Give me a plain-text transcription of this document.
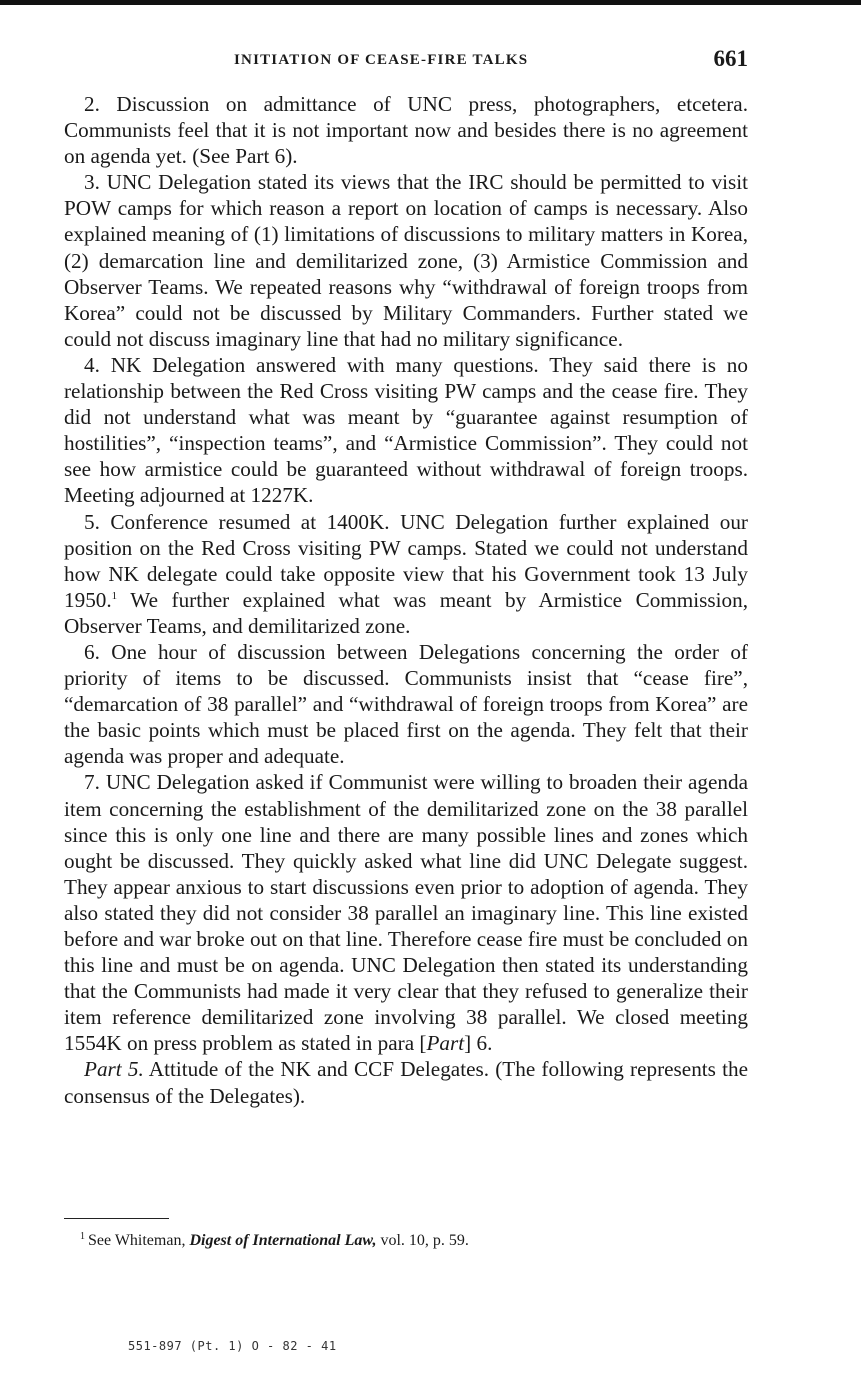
INITIATION OF CEASE-FIRE TALKS	661

2. Discussion on admittance of UNC press, photographers, etcetera. Communists feel that it is not important now and besides there is no agreement on agenda yet. (See Part 6).

3. UNC Delegation stated its views that the IRC should be permitted to visit POW camps for which reason a report on location of camps is necessary. Also explained meaning of (1) limitations of discussions to military matters in Korea, (2) demarcation line and demilitarized zone, (3) Armistice Commission and Observer Teams. We repeated reasons why “withdrawal of foreign troops from Korea” could not be discussed by Military Commanders. Further stated we could not discuss imaginary line that had no military significance.

4. NK Delegation answered with many questions. They said there is no relationship between the Red Cross visiting PW camps and the cease fire. They did not understand what was meant by “guarantee against resumption of hostilities”, “inspection teams”, and “Armistice Commission”. They could not see how armistice could be guaranteed without withdrawal of foreign troops. Meeting adjourned at 1227K.

5. Conference resumed at 1400K. UNC Delegation further explained our position on the Red Cross visiting PW camps. Stated we could not understand how NK delegate could take opposite view that his Government took 13 July 1950.$^1$ We further explained what was meant by Armistice Commission, Observer Teams, and demilitarized zone.

6. One hour of discussion between Delegations concerning the order of priority of items to be discussed. Communists insist that “cease fire”, “demarcation of 38 parallel” and “withdrawal of foreign troops from Korea” are the basic points which must be placed first on the agenda. They felt that their agenda was proper and adequate.

7. UNC Delegation asked if Communist were willing to broaden their agenda item concerning the establishment of the demilitarized zone on the 38 parallel since this is only one line and there are many possible lines and zones which ought be discussed. They quickly asked what line did UNC Delegate suggest. They appear anxious to start discussions even prior to adoption of agenda. They also stated they did not consider 38 parallel an imaginary line. This line existed before and war broke out on that line. Therefore cease fire must be concluded on this line and must be on agenda. UNC Delegation then stated its understanding that the Communists had made it very clear that they refused to generalize their item reference demilitarized zone involving 38 parallel. We closed meeting 1554K on press problem as stated in para [Part] 6.

Part 5. Attitude of the NK and CCF Delegates. (The following represents the consensus of the Delegates).

$^1$ See Whiteman, Digest of International Law, vol. 10, p. 59.
551-897 (Pt. 1) O - 82 - 41
